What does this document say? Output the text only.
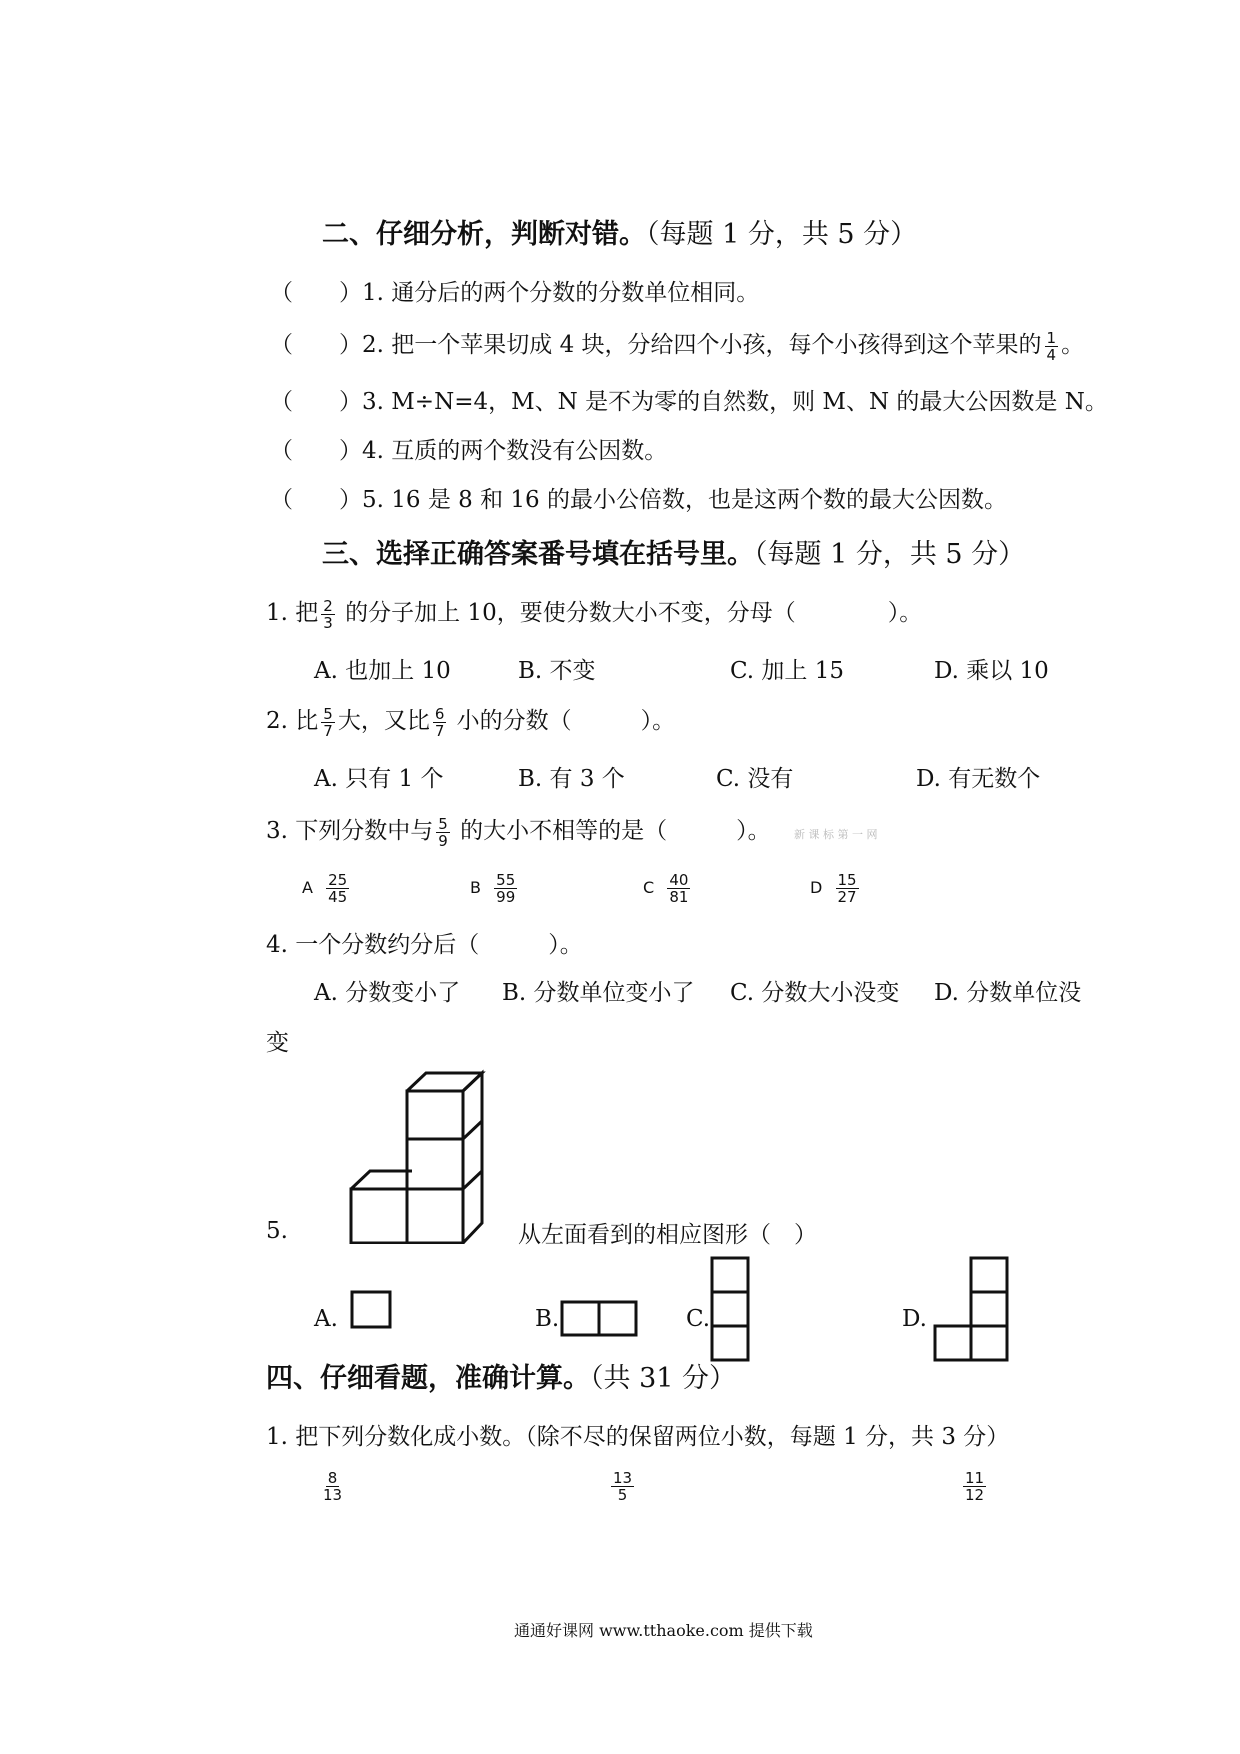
二、仔细分析，判断对错。（每题 1 分，共 5 分）
（　　）1. 通分后的两个分数的分数单位相同。
（　　）2. 把一个苹果切成 4 块，分给四个小孩，每个小孩得到这个苹果的 $\frac{1}{4}$ 。
（　　）3. M÷N=4，M、N 是不为零的自然数，则 M、N 的最大公因数是 N。
（　　）4. 互质的两个数没有公因数。
（　　）5. 16 是 8 和 16 的最小公倍数，也是这两个数的最大公因数。
三、选择正确答案番号填在括号里。（每题 1 分，共 5 分）
1. 把 $\frac{2}{3}$ 的分子加上 10，要使分数大小不变，分母（　　　　）。
A. 也加上 10	B. 不变	C. 加上 15	D. 乘以 10
2. 比 $\frac{5}{7}$ 大，又比 $\frac{6}{7}$ 小的分数（　　　）。
A. 只有 1 个	B. 有 3 个	C. 没有	D. 有无数个
3. 下列分数中与 $\frac{5}{9}$ 的大小不相等的是（　　　）。 新 课 标 第 一 网
A $\frac{25}{45}$	B $\frac{55}{99}$	C $\frac{40}{81}$	D $\frac{15}{27}$
4. 一个分数约分后（　　　）。
A. 分数变小了 B. 分数单位变小了 C. 分数大小没变 D. 分数单位没
变
5.	从左面看到的相应图形（　）
A.	B.	C.	D.
四、仔细看题，准确计算。（共 31 分）
1. 把下列分数化成小数。（除不尽的保留两位小数，每题 1 分，共 3 分）
$\frac{8}{13}$	$\frac{13}{5}$	$\frac{11}{12}$
通通好课网 www.tthaoke.com 提供下载
